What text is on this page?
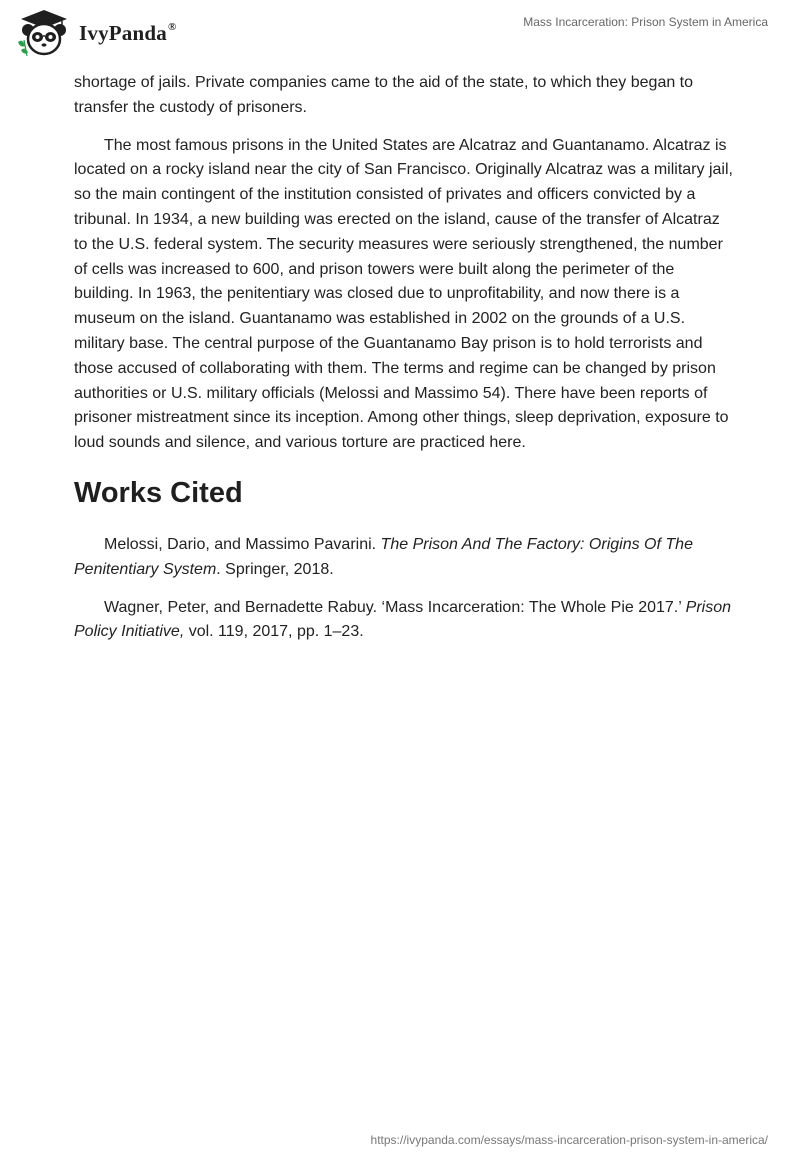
IvyPanda®	Mass Incarceration: Prison System in America

shortage of jails. Private companies came to the aid of the state, to which they began to transfer the custody of prisoners.

The most famous prisons in the United States are Alcatraz and Guantanamo. Alcatraz is located on a rocky island near the city of San Francisco. Originally Alcatraz was a military jail, so the main contingent of the institution consisted of privates and officers convicted by a tribunal. In 1934, a new building was erected on the island, cause of the transfer of Alcatraz to the U.S. federal system. The security measures were seriously strengthened, the number of cells was increased to 600, and prison towers were built along the perimeter of the building. In 1963, the penitentiary was closed due to unprofitability, and now there is a museum on the island. Guantanamo was established in 2002 on the grounds of a U.S. military base. The central purpose of the Guantanamo Bay prison is to hold terrorists and those accused of collaborating with them. The terms and regime can be changed by prison authorities or U.S. military officials (Melossi and Massimo 54). There have been reports of prisoner mistreatment since its inception. Among other things, sleep deprivation, exposure to loud sounds and silence, and various torture are practiced here.

Works Cited

Melossi, Dario, and Massimo Pavarini. The Prison And The Factory: Origins Of The Penitentiary System. Springer, 2018.

Wagner, Peter, and Bernadette Rabuy. ‘Mass Incarceration: The Whole Pie 2017.’ Prison Policy Initiative, vol. 119, 2017, pp. 1–23.

https://ivypanda.com/essays/mass-incarceration-prison-system-in-america/
